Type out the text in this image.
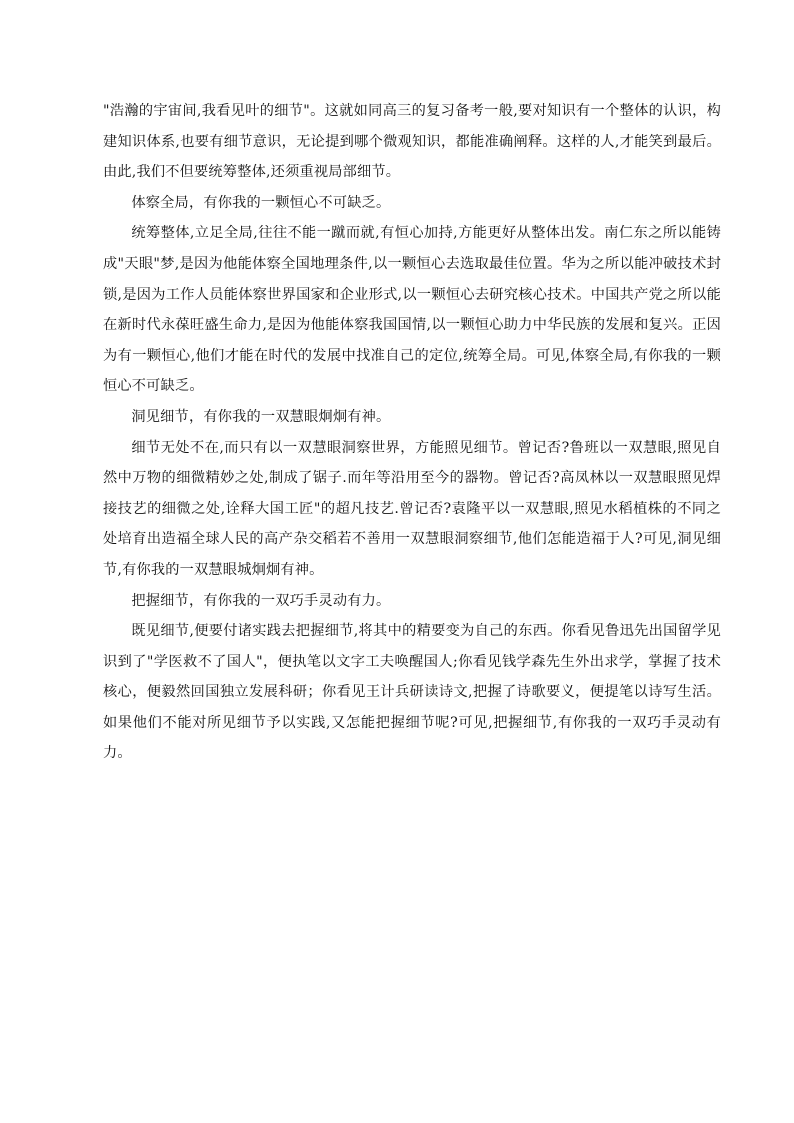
"浩瀚的宇宙间,我看见叶的细节"。这就如同高三的复习备考一般,要对知识有一个整体的认识，构建知识体系,也要有细节意识，无论提到哪个微观知识，都能准确阐释。这样的人,才能笑到最后。由此,我们不但要统筹整体,还须重视局部细节。

体察全局，有你我的一颗恒心不可缺乏。

统筹整体,立足全局,往往不能一蹴而就,有恒心加持,方能更好从整体出发。南仁东之所以能铸成"天眼"梦,是因为他能体察全国地理条件,以一颗恒心去选取最佳位置。华为之所以能冲破技术封锁,是因为工作人员能体察世界国家和企业形式,以一颗恒心去研究核心技术。中国共产党之所以能在新时代永葆旺盛生命力,是因为他能体察我国国情,以一颗恒心助力中华民族的发展和复兴。正因为有一颗恒心,他们才能在时代的发展中找准自己的定位,统筹全局。可见,体察全局,有你我的一颗恒心不可缺乏。

洞见细节，有你我的一双慧眼炯炯有神。

细节无处不在,而只有以一双慧眼洞察世界，方能照见细节。曾记否?鲁班以一双慧眼,照见自然中万物的细微精妙之处,制成了锯子.而年等沿用至今的器物。曾记否?高凤林以一双慧眼照见焊接技艺的细微之处,诠释大国工匠"的超凡技艺.曾记否?袁隆平以一双慧眼,照见水稻植株的不同之处培育出造福全球人民的高产杂交稻若不善用一双慧眼洞察细节,他们怎能造福于人?可见,洞见细节,有你我的一双慧眼城炯炯有神。

把握细节，有你我的一双巧手灵动有力。

既见细节,便要付诸实践去把握细节,将其中的精要变为自己的东西。你看见鲁迅先出国留学见识到了"学医救不了国人"，便执笔以文字工夫唤醒国人;你看见钱学森先生外出求学，掌握了技术核心，便毅然回国独立发展科研；你看见王计兵研读诗文,把握了诗歌要义，便提笔以诗写生活。如果他们不能对所见细节予以实践,又怎能把握细节呢?可见,把握细节,有你我的一双巧手灵动有力。
